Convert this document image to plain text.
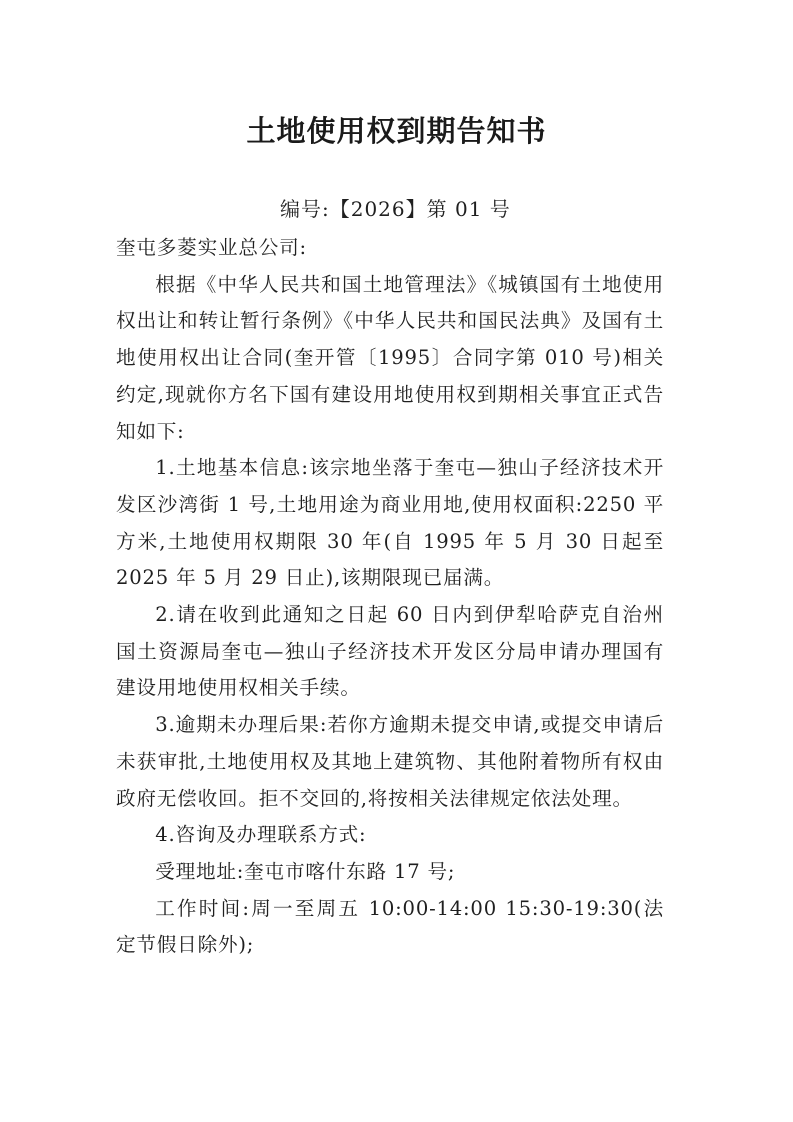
土地使用权到期告知书
编号:【2026】第 01 号

奎屯多菱实业总公司:

根据《中华人民共和国土地管理法》《城镇国有土地使用权出让和转让暂行条例》《中华人民共和国民法典》及国有土地使用权出让合同(奎开管〔1995〕合同字第 010 号)相关约定,现就你方名下国有建设用地使用权到期相关事宜正式告知如下:

1.土地基本信息:该宗地坐落于奎屯—独山子经济技术开发区沙湾街 1 号,土地用途为商业用地,使用权面积:2250 平方米,土地使用权期限 30 年(自 1995 年 5 月 30 日起至 2025 年 5 月 29 日止),该期限现已届满。

2.请在收到此通知之日起 60 日内到伊犁哈萨克自治州国土资源局奎屯—独山子经济技术开发区分局申请办理国有建设用地使用权相关手续。

3.逾期未办理后果:若你方逾期未提交申请,或提交申请后未获审批,土地使用权及其地上建筑物、其他附着物所有权由政府无偿收回。拒不交回的,将按相关法律规定依法处理。

4.咨询及办理联系方式:

受理地址:奎屯市喀什东路 17 号;

工作时间:周一至周五 10:00-14:00 15:30-19:30(法定节假日除外);
